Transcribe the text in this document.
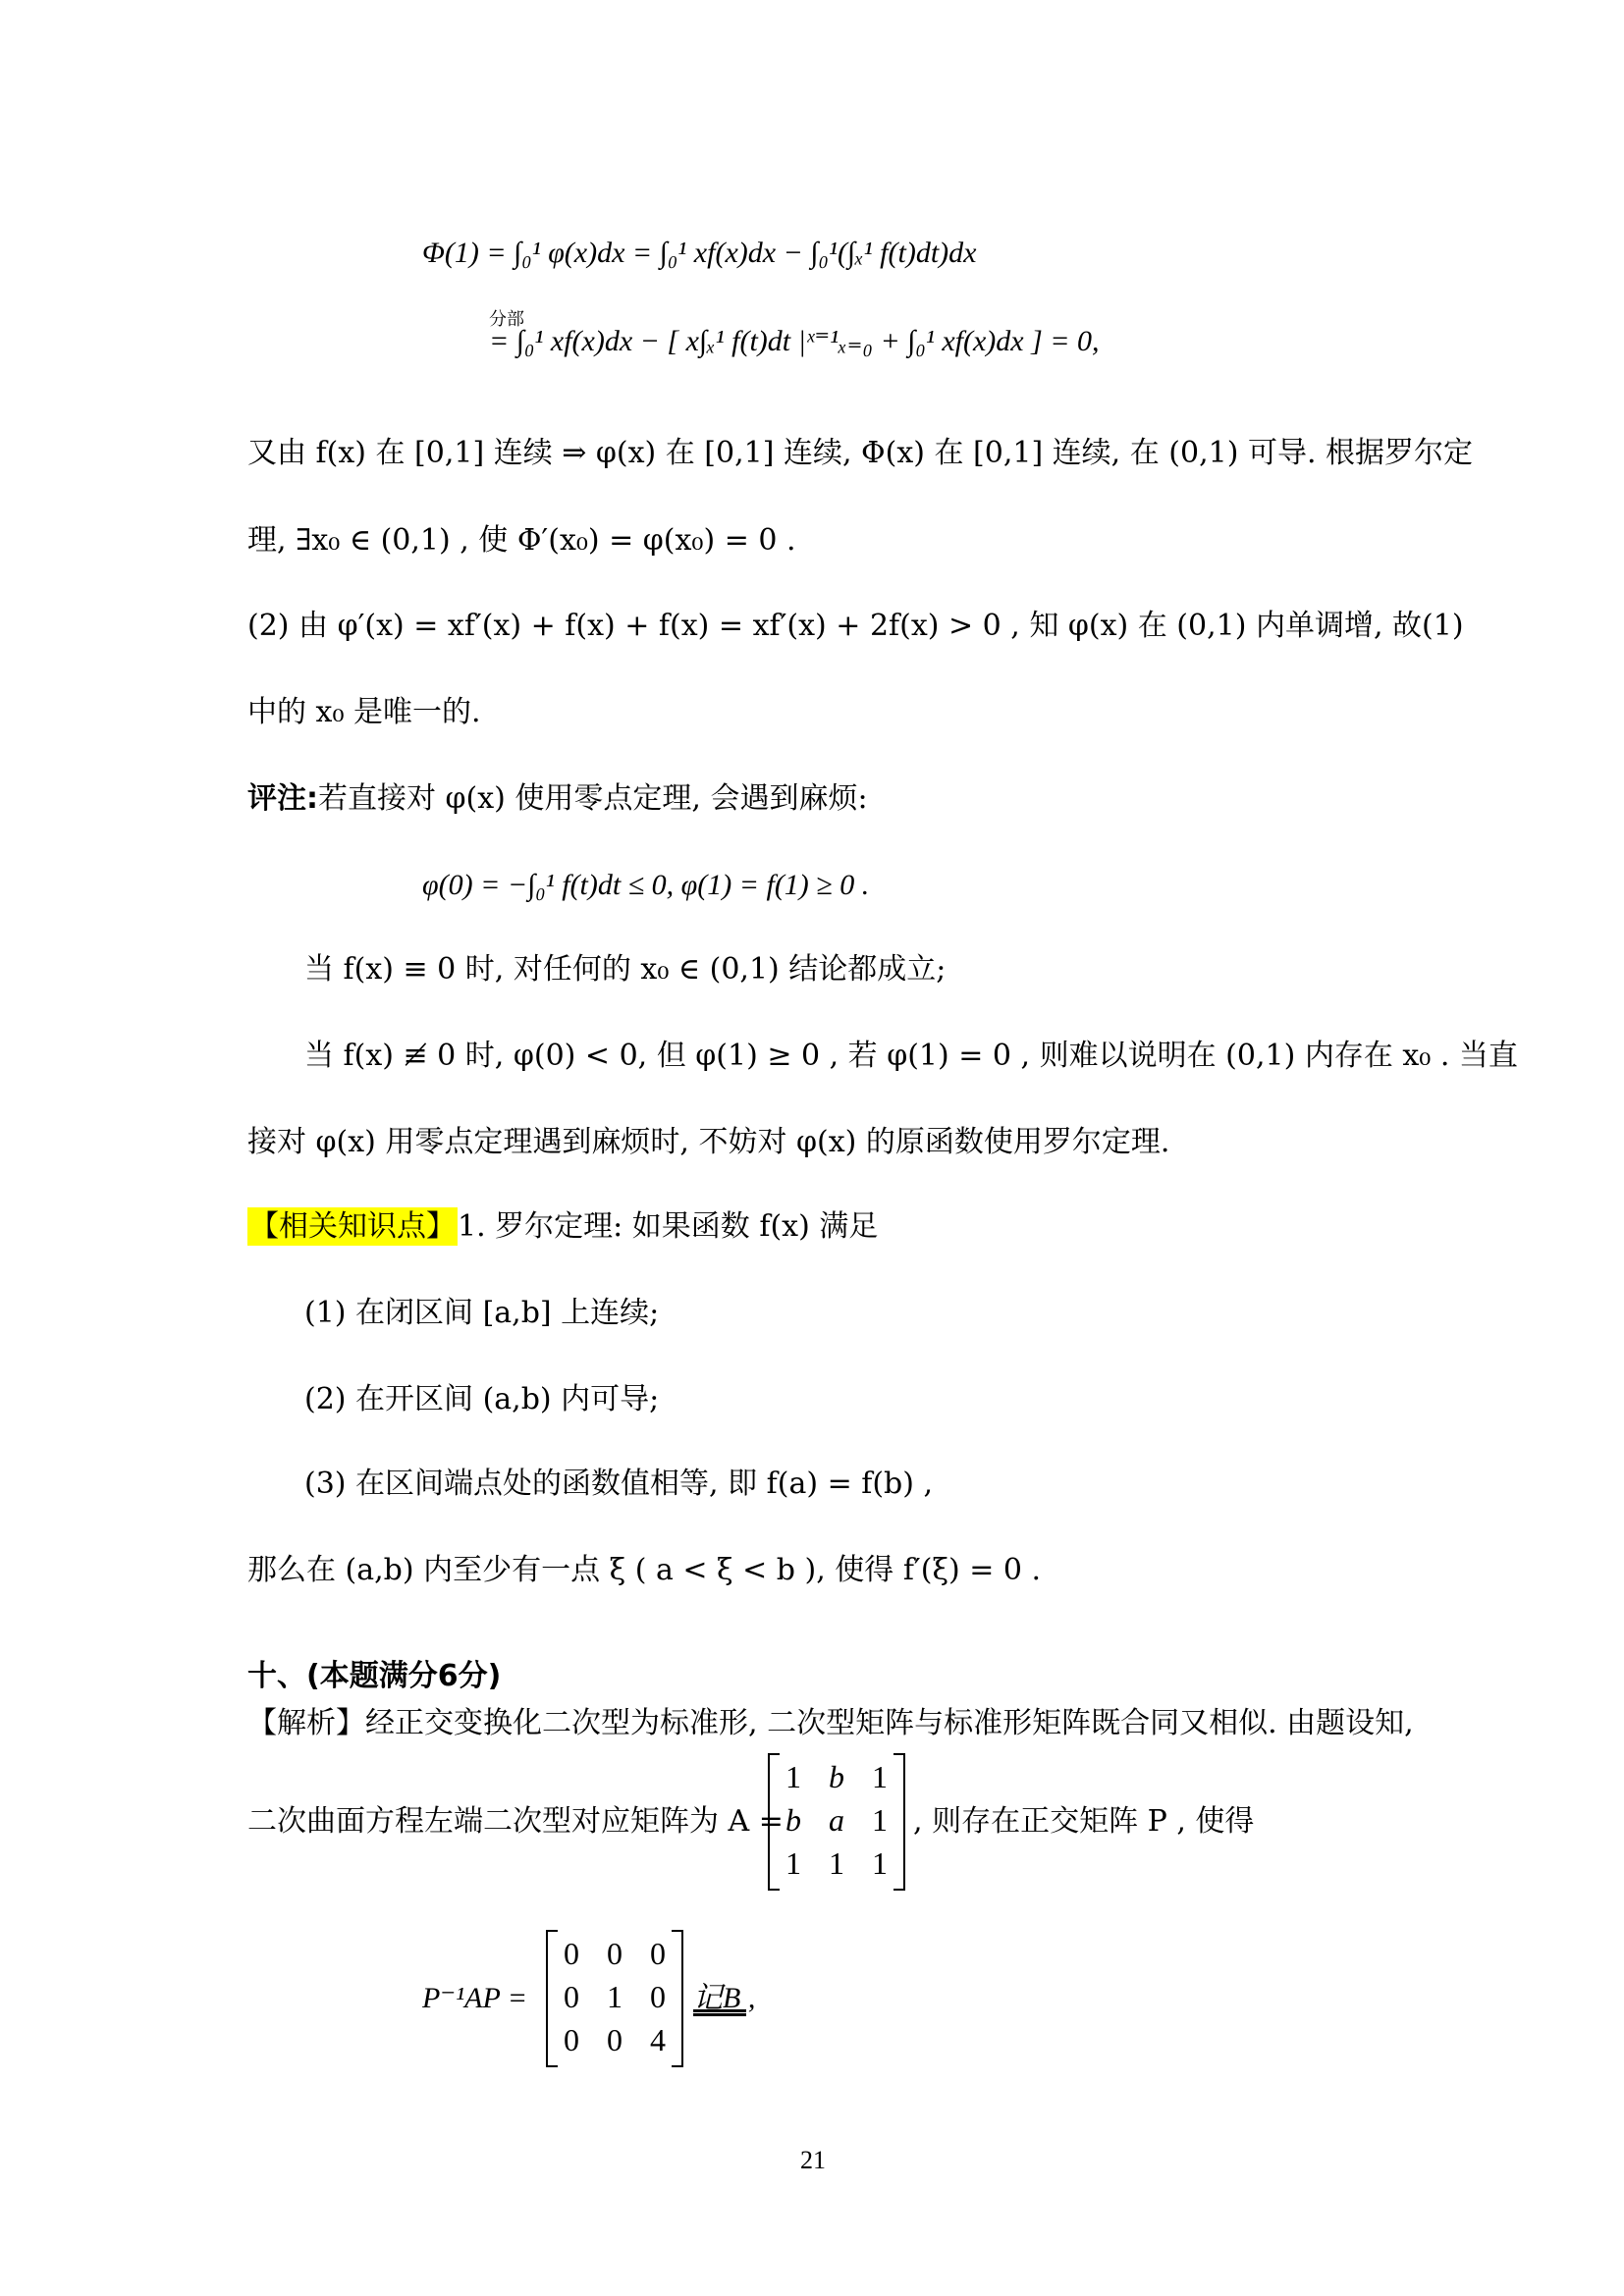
Φ(1) = ∫₀¹ φ(x)dx = ∫₀¹ xf(x)dx − ∫₀¹(∫ₓ¹ f(t)dt)dx
分部
= ∫₀¹ xf(x)dx − [ x∫ₓ¹ f(t)dt |ˣ⁼¹ₓ₌₀ + ∫₀¹ xf(x)dx ] = 0,
又由 f(x) 在 [0,1] 连续 ⇒ φ(x) 在 [0,1] 连续, Φ(x) 在 [0,1] 连续, 在 (0,1) 可导. 根据罗尔定
理, ∃x₀ ∈ (0,1) , 使 Φ′(x₀) = φ(x₀) = 0 .
(2) 由 φ′(x) = xf′(x) + f(x) + f(x) = xf′(x) + 2f(x) > 0 , 知 φ(x) 在 (0,1) 内单调增, 故(1)
中的 x₀ 是唯一的.
评注:若直接对 φ(x) 使用零点定理, 会遇到麻烦:
φ(0) = −∫₀¹ f(t)dt ≤ 0, φ(1) = f(1) ≥ 0 .
当 f(x) ≡ 0 时, 对任何的 x₀ ∈ (0,1) 结论都成立;
当 f(x) ≢ 0 时, φ(0) < 0, 但 φ(1) ≥ 0 , 若 φ(1) = 0 , 则难以说明在 (0,1) 内存在 x₀ . 当直
接对 φ(x) 用零点定理遇到麻烦时, 不妨对 φ(x) 的原函数使用罗尔定理.
【相关知识点】1. 罗尔定理: 如果函数 f(x) 满足
(1) 在闭区间 [a,b] 上连续;
(2) 在开区间 (a,b) 内可导;
(3) 在区间端点处的函数值相等, 即 f(a) = f(b) ,
那么在 (a,b) 内至少有一点 ξ ( a < ξ < b ), 使得 f′(ξ) = 0 .
十、(本题满分6分)
【解析】经正交变换化二次型为标准形, 二次型矩阵与标准形矩阵既合同又相似. 由题设知,
二次曲面方程左端二次型对应矩阵为 A =
1 b 1
b a 1
1 1 1
, 则存在正交矩阵 P , 使得
P⁻¹AP =
0 0 0
0 1 0
0 0 4
记B ,
21
